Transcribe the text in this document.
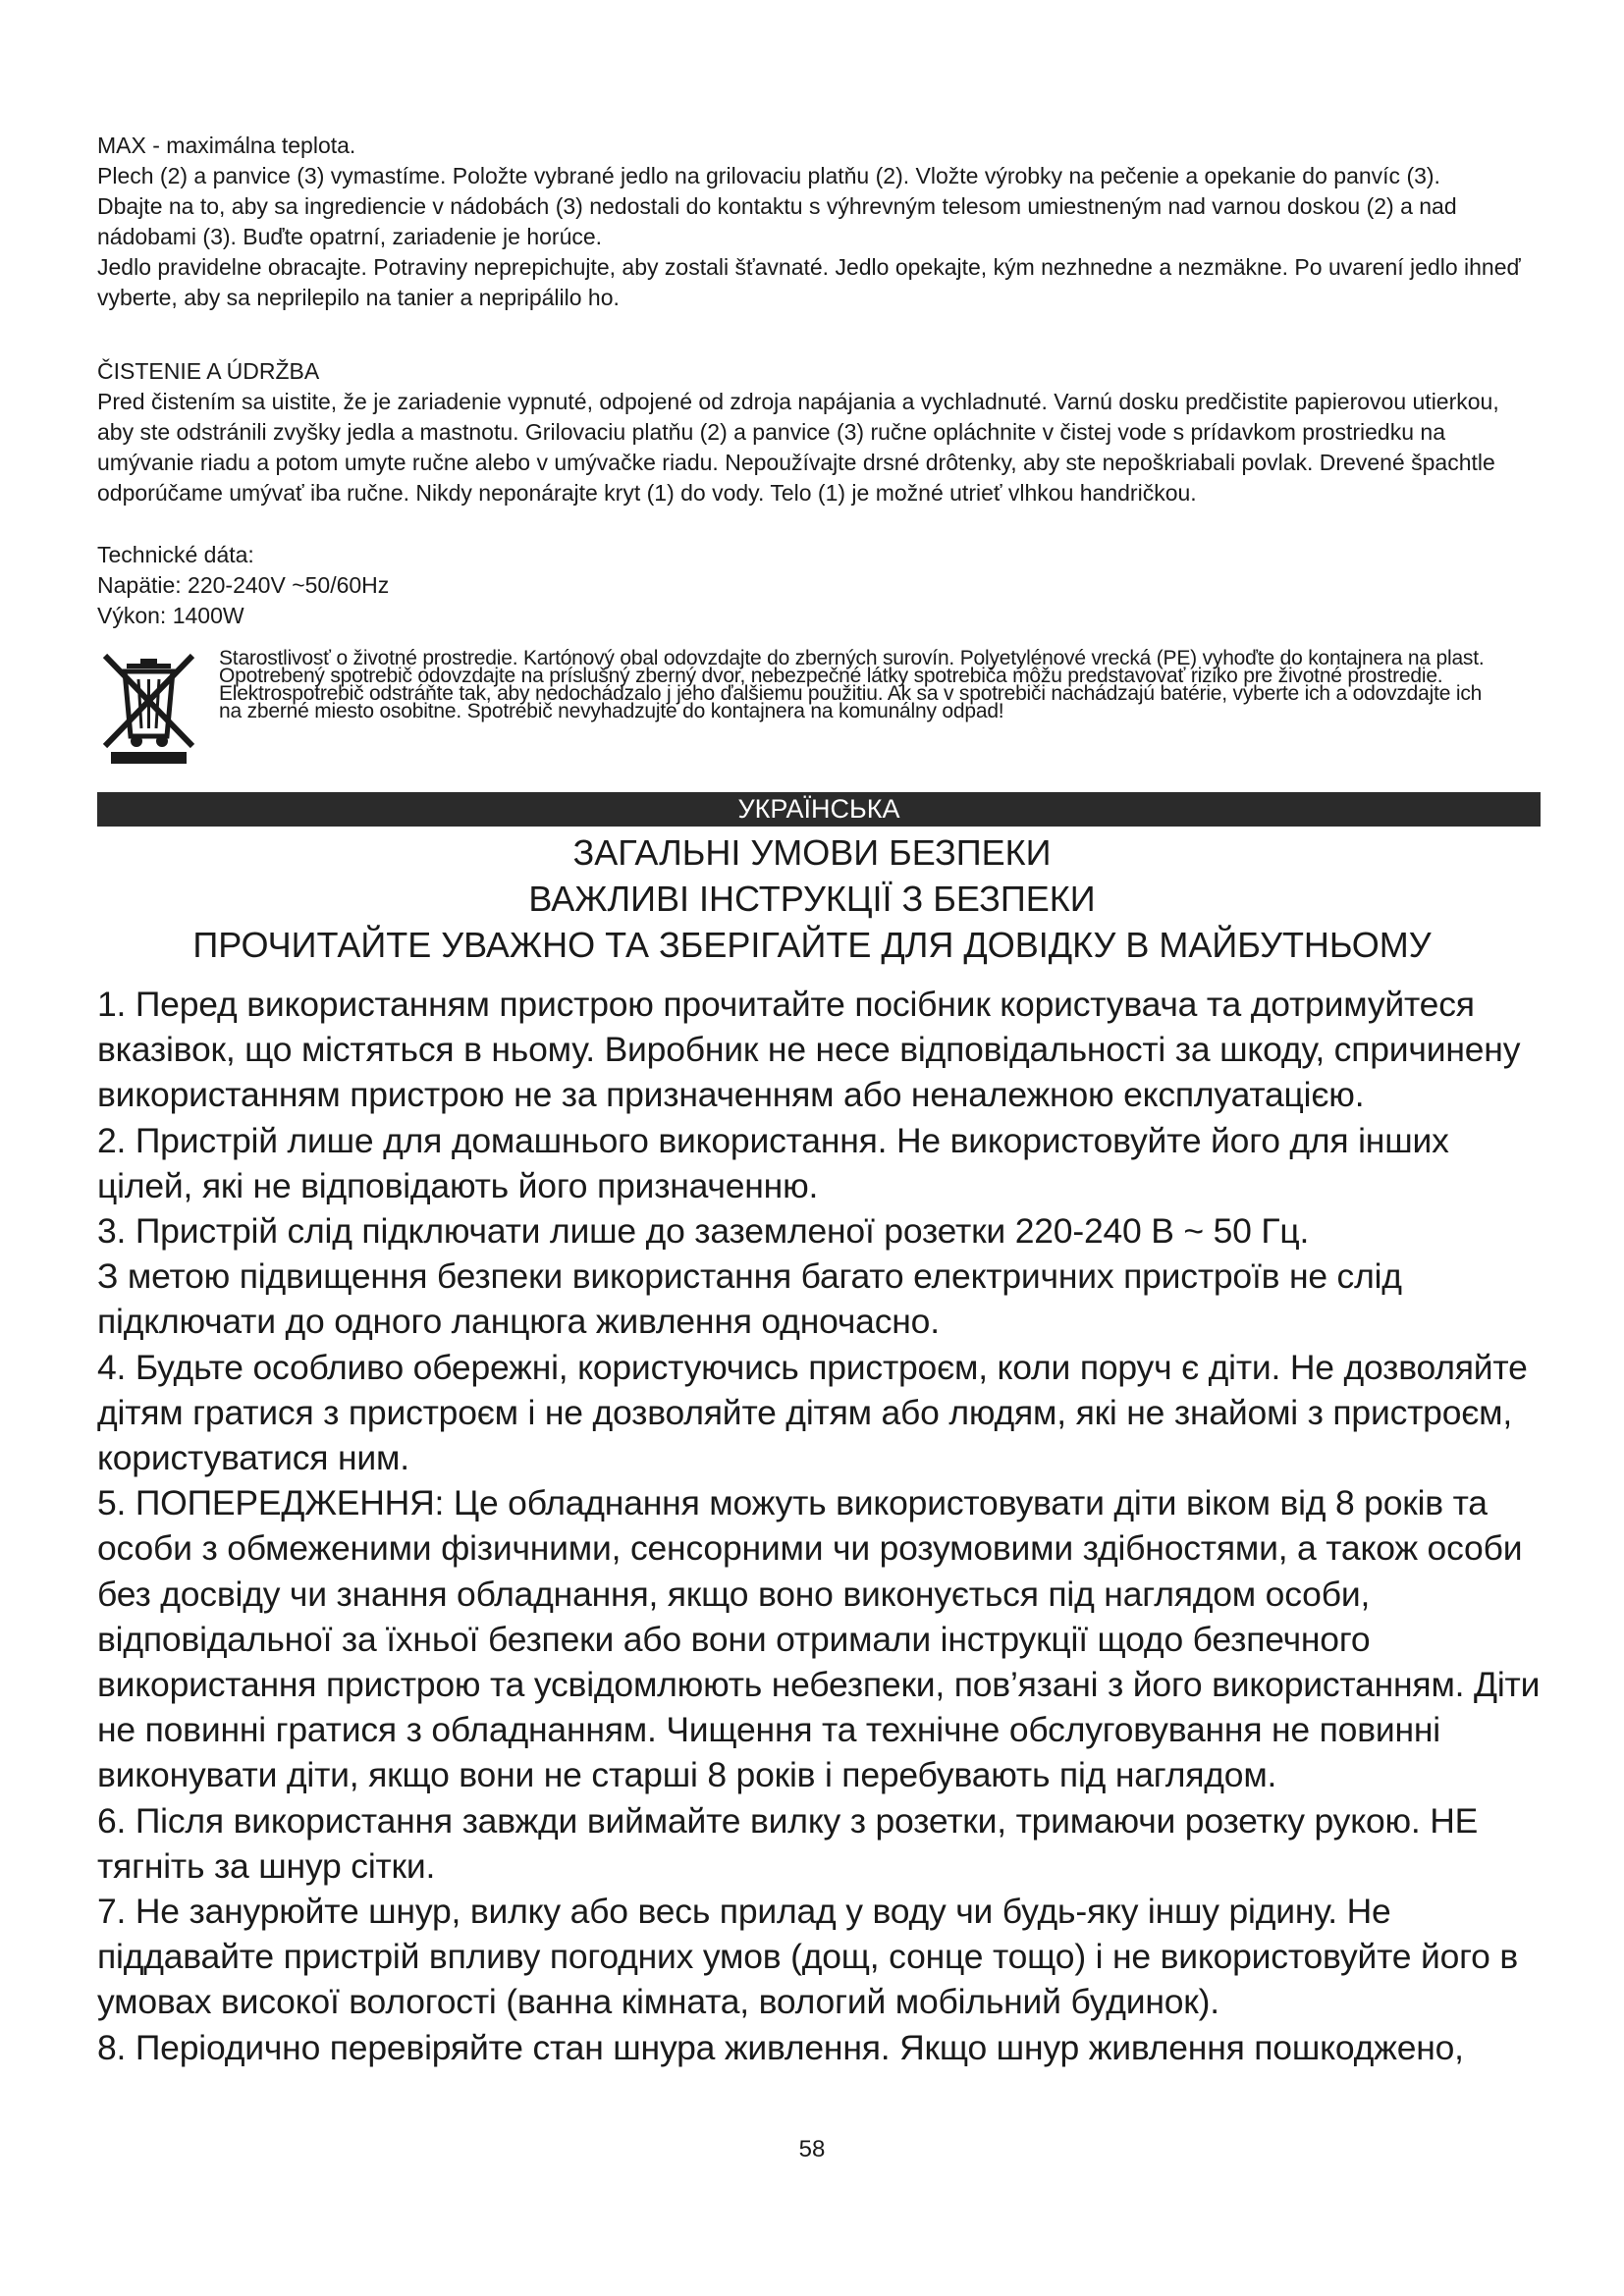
MAX - maximálna teplota.

Plech (2) a panvice (3) vymastíme. Položte vybrané jedlo na grilovaciu platňu (2). Vložte výrobky na pečenie a opekanie do panvíc (3).

Dbajte na to, aby sa ingrediencie v nádobách (3) nedostali do kontaktu s výhrevným telesom umiestneným nad varnou doskou (2) a nad nádobami (3). Buďte opatrní, zariadenie je horúce.

Jedlo pravidelne obracajte. Potraviny neprepichujte, aby zostali šťavnaté. Jedlo opekajte, kým nezhnedne a nezmäkne. Po uvarení jedlo ihneď vyberte, aby sa neprilepilo na tanier a nepripálilo ho.

ČISTENIE A ÚDRŽBA

Pred čistením sa uistite, že je zariadenie vypnuté, odpojené od zdroja napájania a vychladnuté. Varnú dosku predčistite papierovou utierkou, aby ste odstránili zvyšky jedla a mastnotu. Grilovaciu platňu (2) a panvice (3) ručne opláchnite v čistej vode s prídavkom prostriedku na umývanie riadu a potom umyte ručne alebo v umývačke riadu. Nepoužívajte drsné drôtenky, aby ste nepoškriabali povlak. Drevené špachtle odporúčame umývať iba ručne. Nikdy neponárajte kryt (1) do vody. Telo (1) je možné utrieť vlhkou handričkou.

Technické dáta:

Napätie: 220-240V ~50/60Hz

Výkon: 1400W

Starostlivosť o životné prostredie. Kartónový obal odovzdajte do zberných surovín. Polyetylénové vrecká (PE) vyhoďte do kontajnera na plast.

Opotrebený spotrebič odovzdajte na príslušný zberný dvor, nebezpečné látky spotrebiča môžu predstavovať riziko pre životné prostredie.

Elektrospotrebič odstráňte tak, aby nedochádzalo j jeho ďalšiemu použitiu. Ak sa v spotrebiči nachádzajú batérie, vyberte ich a odovzdajte ich

na zberné miesto osobitne. Spotrebič nevyhadzujte do kontajnera na komunálny odpad!

УКРАЇНСЬКА
ЗАГАЛЬНІ УМОВИ БЕЗПЕКИ
ВАЖЛИВІ ІНСТРУКЦІЇ З БЕЗПЕКИ
ПРОЧИТАЙТЕ УВАЖНО ТА ЗБЕРІГАЙТЕ ДЛЯ ДОВІДКУ В МАЙБУТНЬОМУ

1. Перед використанням пристрою прочитайте посібник користувача та дотримуйтеся вказівок, що містяться в ньому. Виробник не несе відповідальності за шкоду, спричинену використанням пристрою не за призначенням або неналежною експлуатацією.

2. Пристрій лише для домашнього використання. Не використовуйте його для інших цілей, які не відповідають його призначенню.

3. Пристрій слід підключати лише до заземленої розетки 220-240 В ~ 50 Гц.

З метою підвищення безпеки використання багато електричних пристроїв не слід підключати до одного ланцюга живлення одночасно.

4. Будьте особливо обережні, користуючись пристроєм, коли поруч є діти. Не дозволяйте дітям гратися з пристроєм і не дозволяйте дітям або людям, які не знайомі з пристроєм, користуватися ним.

5. ПОПЕРЕДЖЕННЯ: Це обладнання можуть використовувати діти віком від 8 років та особи з обмеженими фізичними, сенсорними чи розумовими здібностями, а також особи без досвіду чи знання обладнання, якщо воно виконується під наглядом особи, відповідальної за їхньої безпеки або вони отримали інструкції щодо безпечного використання пристрою та усвідомлюють небезпеки, пов’язані з його використанням. Діти не повинні гратися з обладнанням. Чищення та технічне обслуговування не повинні виконувати діти, якщо вони не старші 8 років і перебувають під наглядом.

6. Після використання завжди виймайте вилку з розетки, тримаючи розетку рукою. НЕ тягніть за шнур сітки.

7. Не занурюйте шнур, вилку або весь прилад у воду чи будь-яку іншу рідину. Не піддавайте пристрій впливу погодних умов (дощ, сонце тощо) і не використовуйте його в умовах високої вологості (ванна кімната, вологий мобільний будинок).

8. Періодично перевіряйте стан шнура живлення. Якщо шнур живлення пошкоджено,

58
